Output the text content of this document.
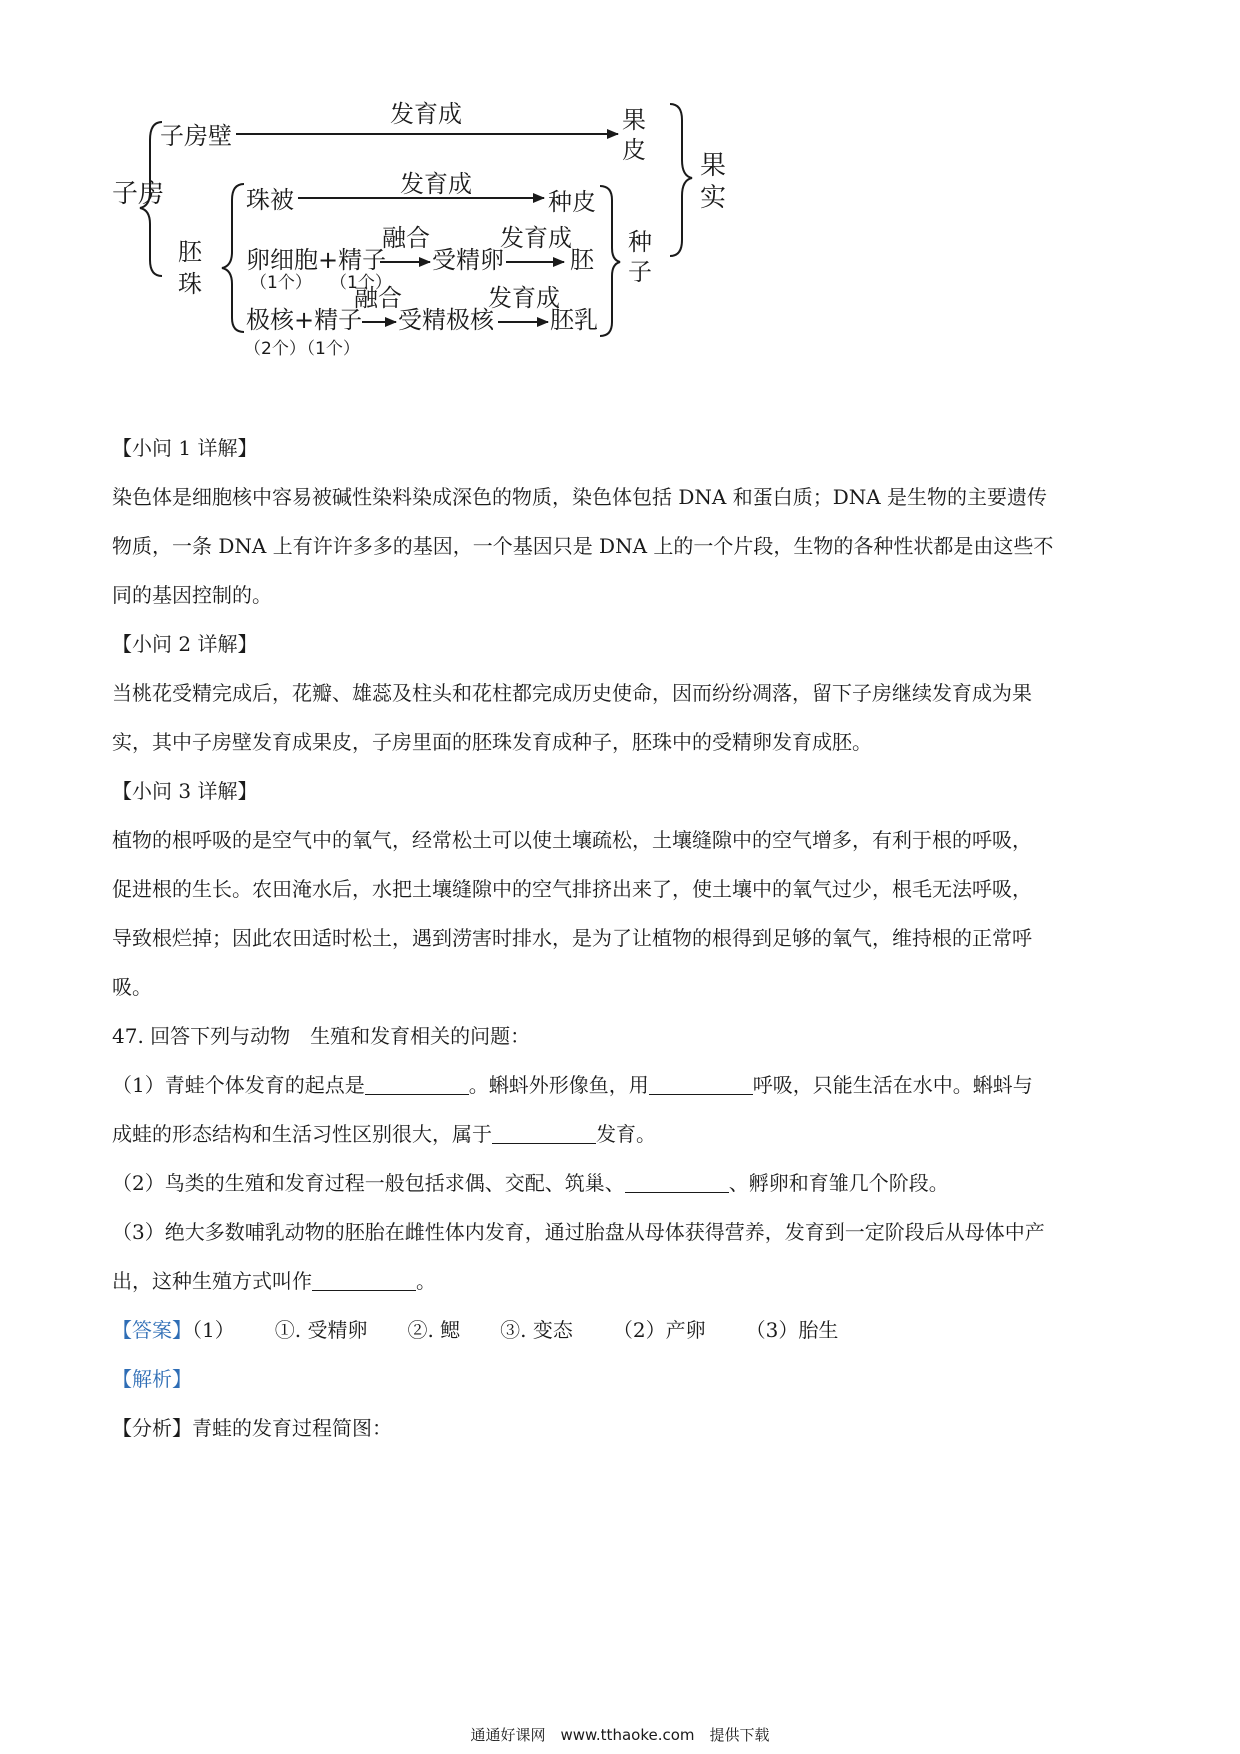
子房
子房壁
发育成	果
皮
果
实
胚
珠
珠被
发育成
种皮
卵细胞+精子
（1个） （1个）
融合
受精卵
发育成
胚
极核+精子
（2个）
（1个）
融合
受精极核
发育成
胚乳
种
子
【小问 1 详解】
染色体是细胞核中容易被碱性染料染成深色的物质，染色体包括 DNA 和蛋白质；DNA 是生物的主要遗传
物质，一条 DNA 上有许许多多的基因，一个基因只是 DNA 上的一个片段，生物的各种性状都是由这些不
同的基因控制的。
【小问 2 详解】
当桃花受精完成后，花瓣、雄蕊及柱头和花柱都完成历史使命，因而纷纷凋落，留下子房继续发育成为果
实，其中子房壁发育成果皮，子房里面的胚珠发育成种子，胚珠中的受精卵发育成胚。
【小问 3 详解】
植物的根呼吸的是空气中的氧气，经常松土可以使土壤疏松，土壤缝隙中的空气增多，有利于根的呼吸，
促进根的生长。农田淹水后，水把土壤缝隙中的空气排挤出来了，使土壤中的氧气过少，根毛无法呼吸，
导致根烂掉；因此农田适时松土，遇到涝害时排水，是为了让植物的根得到足够的氧气，维持根的正常呼
吸。
47. 回答下列与动物　生殖和发育相关的问题：
（1）青蛙个体发育的起点是	。蝌蚪外形像鱼，用	呼吸，只能生活在水中。蝌蚪与
成蛙的形态结构和生活习性区别很大，属于	发育。
（2）鸟类的生殖和发育过程一般包括求偶、交配、筑巢、	、孵卵和育雏几个阶段。
（3）绝大多数哺乳动物的胚胎在雌性体内发育，通过胎盘从母体获得营养，发育到一定阶段后从母体中产
出，这种生殖方式叫作	。
【答案】（1） ①. 受精卵 ②. 鳃 ③. 变态 （2）产卵 （3）胎生
【解析】
【分析】青蛙的发育过程简图：
通通好课网　www.tthaoke.com　提供下载
